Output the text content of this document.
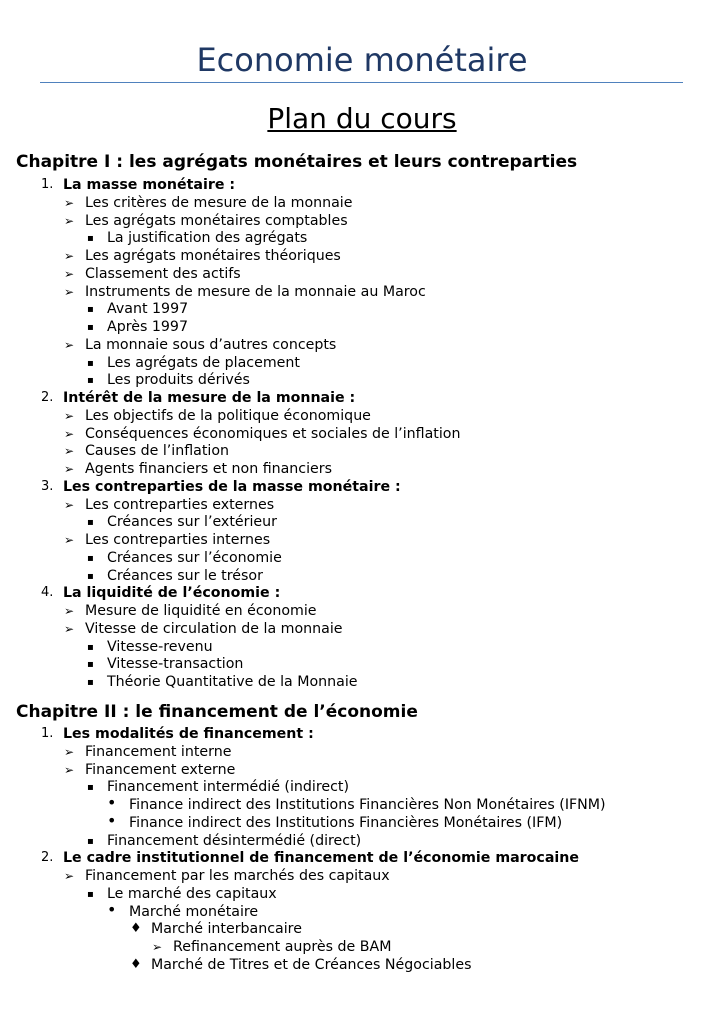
Economie monétaire
Plan du cours
Chapitre I : les agrégats monétaires et leurs contreparties
1. La masse monétaire :
➢ Les critères de mesure de la monnaie
➢ Les agrégats monétaires comptables
▪ La justification des agrégats
➢ Les agrégats monétaires théoriques
➢ Classement des actifs
➢ Instruments de mesure de la monnaie au Maroc
▪ Avant 1997
▪ Après 1997
➢ La monnaie sous d’autres concepts
▪ Les agrégats de placement
▪ Les produits dérivés
2. Intérêt de la mesure de la monnaie :
➢ Les objectifs de la politique économique
➢ Conséquences économiques et sociales de l’inflation
➢ Causes de l’inflation
➢ Agents financiers et non financiers
3. Les contreparties de la masse monétaire :
➢ Les contreparties externes
▪ Créances sur l’extérieur
➢ Les contreparties internes
▪ Créances sur l’économie
▪ Créances sur le trésor
4. La liquidité de l’économie :
➢ Mesure de liquidité en économie
➢ Vitesse de circulation de la monnaie
▪ Vitesse-revenu
▪ Vitesse-transaction
▪ Théorie Quantitative de la Monnaie
Chapitre II : le financement de l’économie
1. Les modalités de financement :
➢ Financement interne
➢ Financement externe
▪ Financement intermédié (indirect)
• Finance indirect des Institutions Financières Non Monétaires (IFNM)
• Finance indirect des Institutions Financières Monétaires (IFM)
▪ Financement désintermédié (direct)
2. Le cadre institutionnel de financement de l’économie marocaine
➢ Financement par les marchés des capitaux
▪ Le marché des capitaux
• Marché monétaire
♦ Marché interbancaire
➢ Refinancement auprès de BAM
♦ Marché de Titres et de Créances Négociables
